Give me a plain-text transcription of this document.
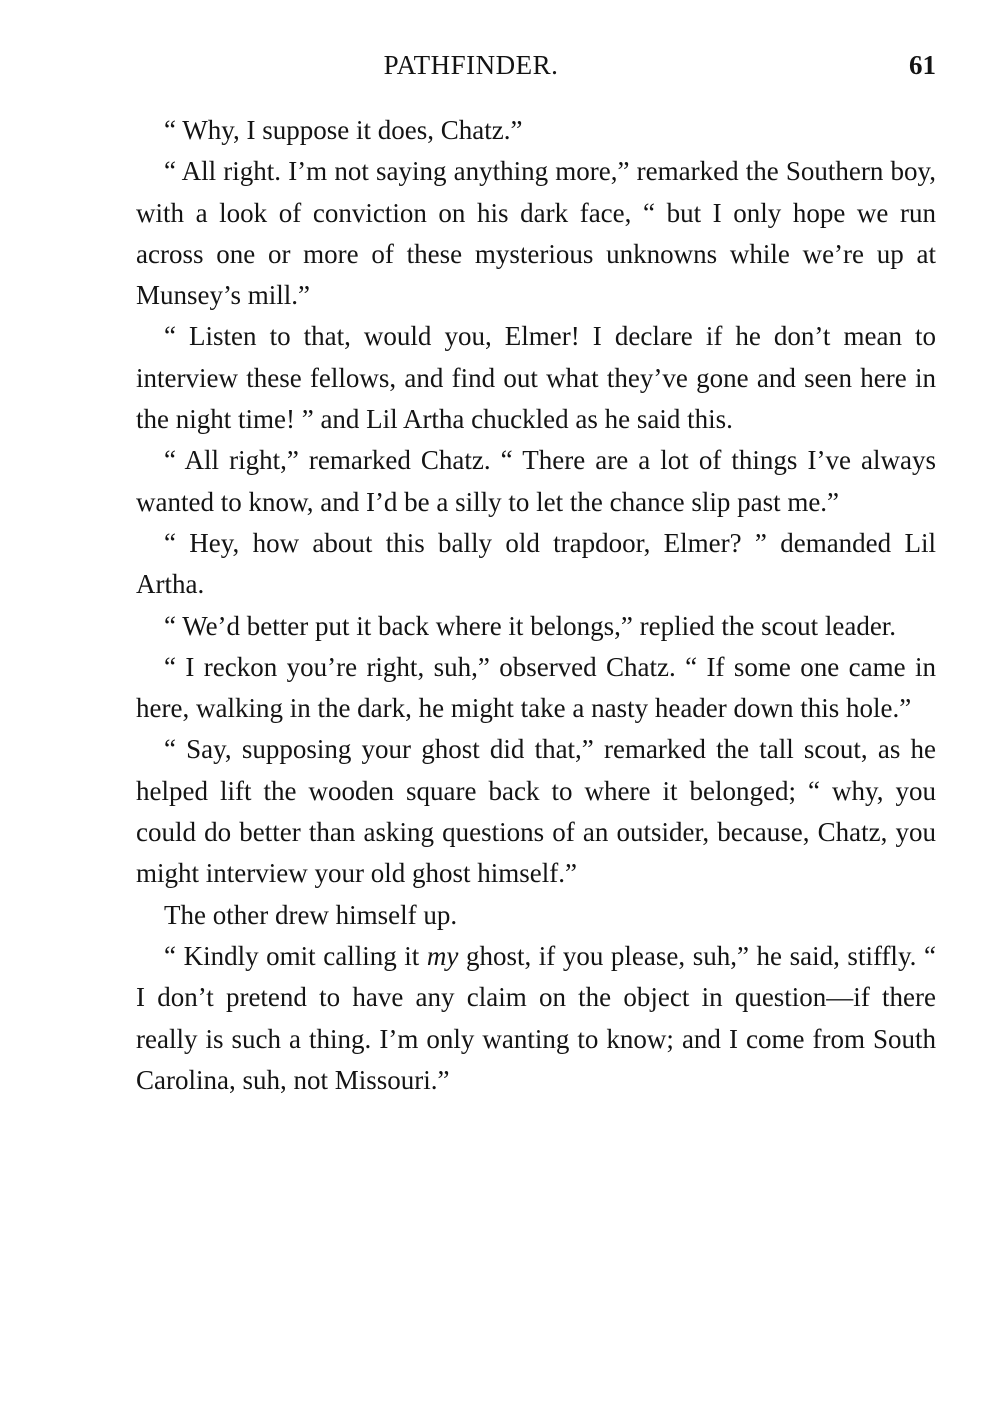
PATHFINDER.	61

“ Why, I suppose it does, Chatz.”

“ All right. I’m not saying anything more,” remarked the Southern boy, with a look of conviction on his dark face, “ but I only hope we run across one or more of these mysterious unknowns while we’re up at Munsey’s mill.”

“ Listen to that, would you, Elmer! I declare if he don’t mean to interview these fellows, and find out what they’ve gone and seen here in the night time! ” and Lil Artha chuckled as he said this.

“ All right,” remarked Chatz. “ There are a lot of things I’ve always wanted to know, and I’d be a silly to let the chance slip past me.”

“ Hey, how about this bally old trapdoor, Elmer? ” demanded Lil Artha.

“ We’d better put it back where it belongs,” replied the scout leader.

“ I reckon you’re right, suh,” observed Chatz. “ If some one came in here, walking in the dark, he might take a nasty header down this hole.”

“ Say, supposing your ghost did that,” remarked the tall scout, as he helped lift the wooden square back to where it belonged; “ why, you could do better than asking questions of an outsider, because, Chatz, you might interview your old ghost himself.”

The other drew himself up.

“ Kindly omit calling it my ghost, if you please, suh,” he said, stiffly. “ I don’t pretend to have any claim on the object in question—if there really is such a thing. I’m only wanting to know; and I come from South Carolina, suh, not Missouri.”
